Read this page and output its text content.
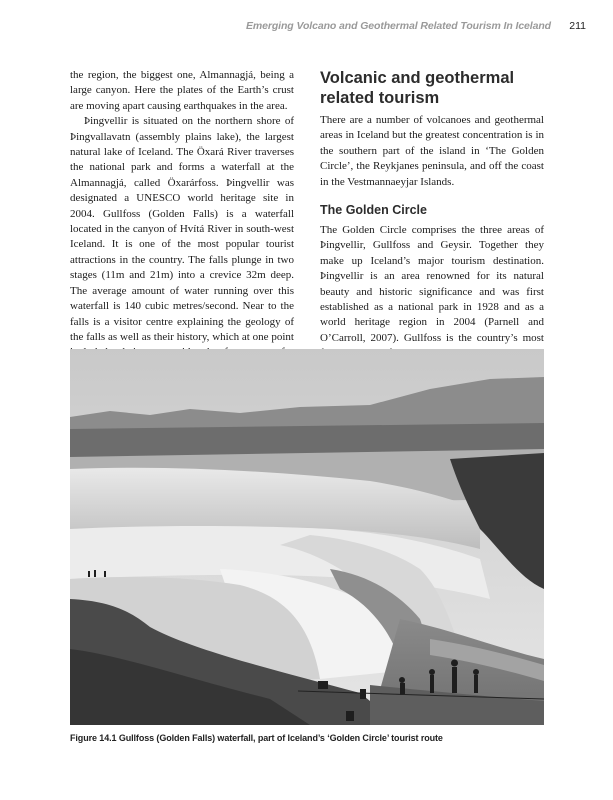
Emerging Volcano and Geothermal Related Tourism In Iceland 211

the region, the biggest one, Almannagjá, being a large canyon. Here the plates of the Earth’s crust are moving apart causing earthquakes in the area.

Þingvellir is situated on the northern shore of Þingvallavatn (assembly plains lake), the largest natural lake of Iceland. The Öxará River traverses the national park and forms a waterfall at the Almannagjá, called Öxarárfoss. Þingvellir was designated a UNESCO world heritage site in 2004. Gullfoss (Golden Falls) is a waterfall located in the canyon of Hvítá River in south-west Iceland. It is one of the most popular tourist attractions in the country. The falls plunge in two stages (11m and 21m) into a crevice 32m deep. The average amount of water running over this waterfall is 140 cubic metres/second. Near to the falls is a visitor centre explaining the geology of the falls as well as their history, which at one point

Volcanic and geothermal related tourism

There are a number of volcanoes and geothermal areas in Iceland but the greatest concentration is in the southern part of the island in ‘The Golden Circle’, the Reykjanes peninsula, and off the coast in the Vestmannaeyjar Islands.

The Golden Circle

The Golden Circle comprises the three areas of Þingvellir, Gullfoss and Geysir. Together they make up Iceland’s major tourism destination. Þingvellir is an area renowned for its natural beauty and historic significance and was first established as a national park in 1928 and as a world heritage region in 2004 (Parnell and O’Carroll, 2007). Gullfoss is the country’s most

Figure 14.1 Gullfoss (Golden Falls) waterfall, part of Iceland’s ‘Golden Circle’ tourist route
